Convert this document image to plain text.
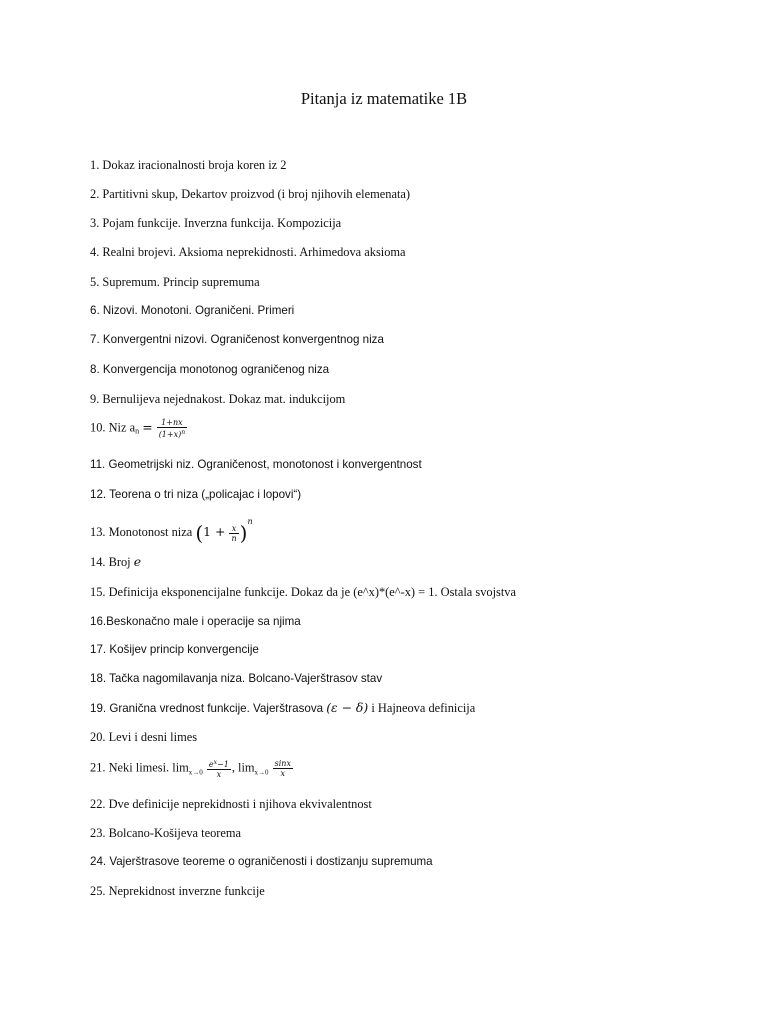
Pitanja iz matematike 1B
1. Dokaz iracionalnosti broja koren iz 2
2. Partitivni skup, Dekartov proizvod (i broj njihovih elemenata)
3. Pojam funkcije. Inverzna funkcija. Kompozicija
4. Realni brojevi. Aksioma neprekidnosti. Arhimedova aksioma
5. Supremum. Princip supremuma
6. Nizovi. Monotoni. Ograničeni. Primeri
7. Konvergentni nizovi. Ograničenost konvergentnog niza
8. Konvergencija monotonog ograničenog niza
9. Bernulijeva nejednakost. Dokaz mat. indukcijom
10. Niz $a_n = \frac{1+nx}{(1+x)^n}$
11. Geometrijski niz. Ograničenost, monotonost i konvergentnost
12. Teorena o tri niza („policajac i lopovi“)
13. Monotonost niza $(1 + \frac{x}{n} )^n$
14. Broj e
15. Definicija eksponencijalne funkcije. Dokaz da je (e^x)*(e^-x) = 1. Ostala svojstva
16.Beskonačno male i operacije sa njima
17. Košijev princip konvergencije
18. Tačka nagomilavanja niza. Bolcano-Vajerštrasov stav
19. Granična vrednost funkcije. Vajerštrasova (ε − δ) i Hajneova definicija
20. Levi i desni limes
21. Neki limesi. $\lim_{x\to 0} \frac{e^x-1}{x}$ , $\lim_{x\to 0} \frac{\sin x}{x}$
22. Dve definicije neprekidnosti i njihova ekvivalentnost
23. Bolcano-Košijeva teorema
24. Vajerštrasove teoreme o ograničenosti i dostizanju supremuma
25. Neprekidnost inverzne funkcije
